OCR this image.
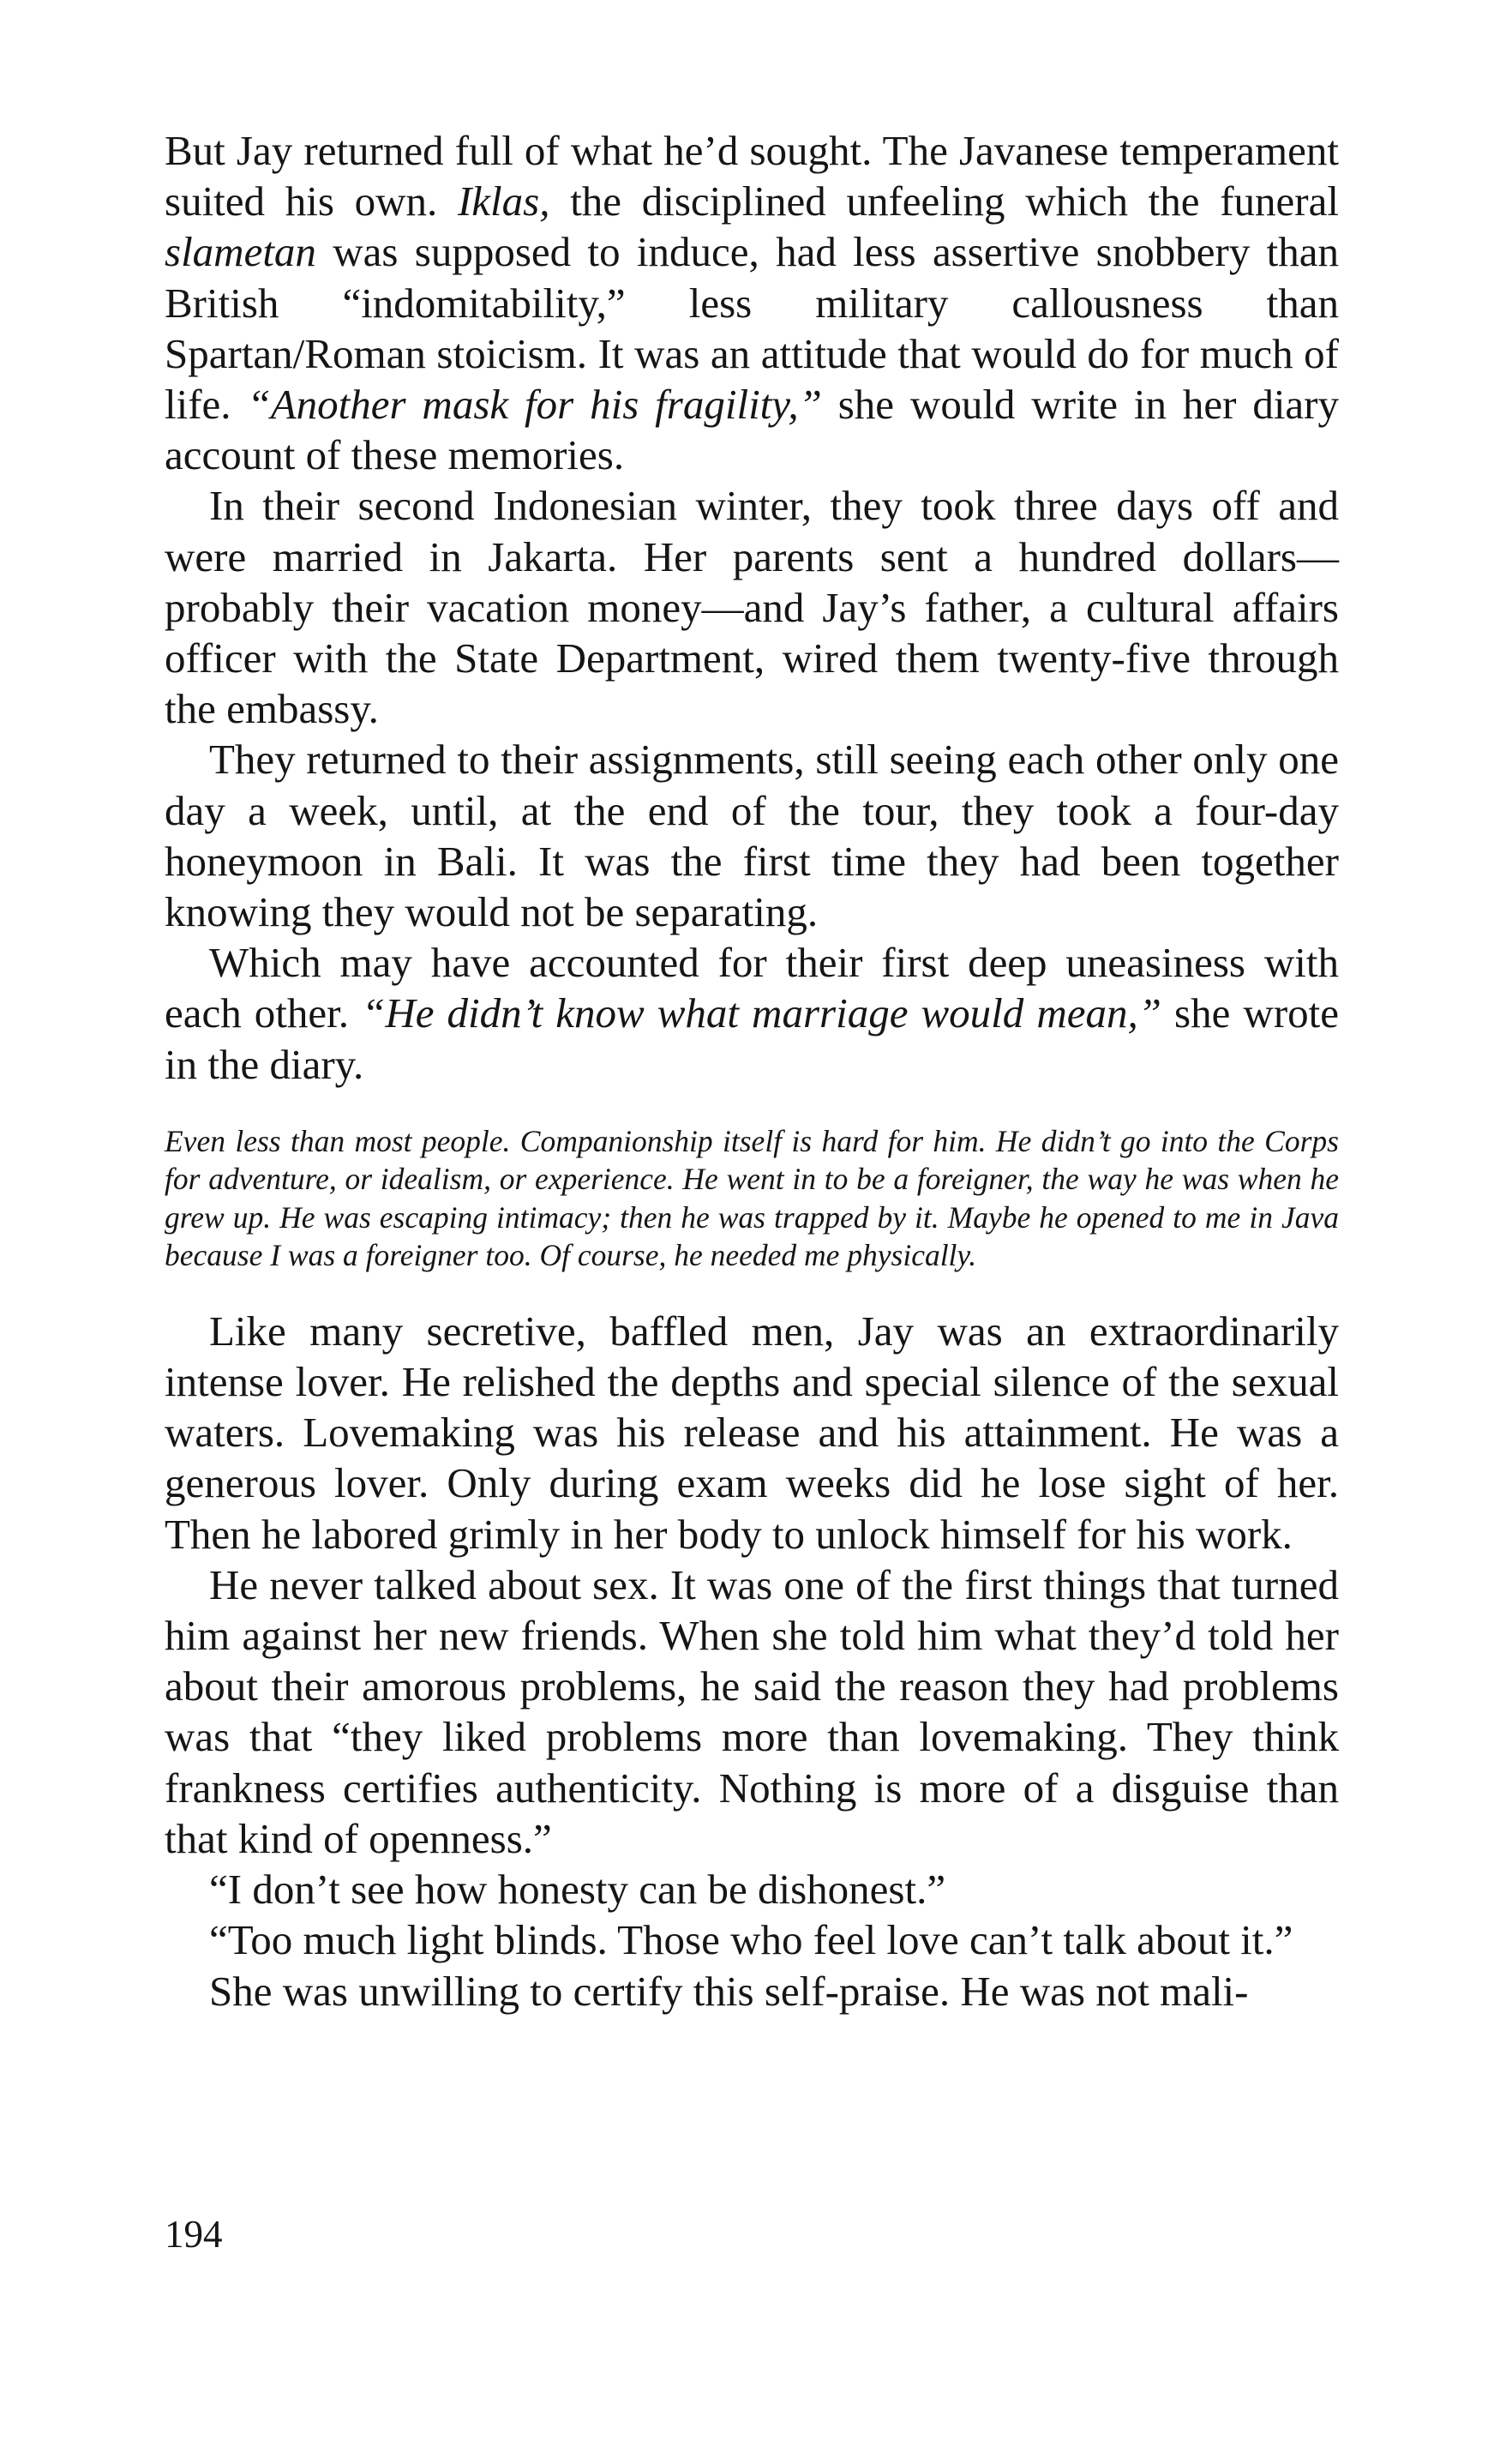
But Jay returned full of what he’d sought. The Javanese temperament suited his own. Iklas, the disciplined unfeeling which the funeral slametan was supposed to induce, had less assertive snobbery than British “indomitability,” less military callousness than Spartan/Roman stoicism. It was an attitude that would do for much of life. “Another mask for his fragility,” she would write in her diary account of these memories.

In their second Indonesian winter, they took three days off and were married in Jakarta. Her parents sent a hundred dollars—probably their vacation money—and Jay’s father, a cultural affairs officer with the State Department, wired them twenty-five through the embassy.

They returned to their assignments, still seeing each other only one day a week, until, at the end of the tour, they took a four-day honeymoon in Bali. It was the first time they had been together knowing they would not be separating.

Which may have accounted for their first deep uneasiness with each other. “He didn’t know what marriage would mean,” she wrote in the diary.

Even less than most people. Companionship itself is hard for him. He didn’t go into the Corps for adventure, or idealism, or experience. He went in to be a foreigner, the way he was when he grew up. He was escaping intimacy; then he was trapped by it. Maybe he opened to me in Java because I was a foreigner too. Of course, he needed me physically.

Like many secretive, baffled men, Jay was an extraordinarily intense lover. He relished the depths and special silence of the sexual waters. Lovemaking was his release and his attainment. He was a generous lover. Only during exam weeks did he lose sight of her. Then he labored grimly in her body to unlock himself for his work.

He never talked about sex. It was one of the first things that turned him against her new friends. When she told him what they’d told her about their amorous problems, he said the reason they had problems was that “they liked problems more than lovemaking. They think frankness certifies authenticity. Nothing is more of a disguise than that kind of openness.”

“I don’t see how honesty can be dishonest.”

“Too much light blinds. Those who feel love can’t talk about it.”

She was unwilling to certify this self-praise. He was not mali-

194
